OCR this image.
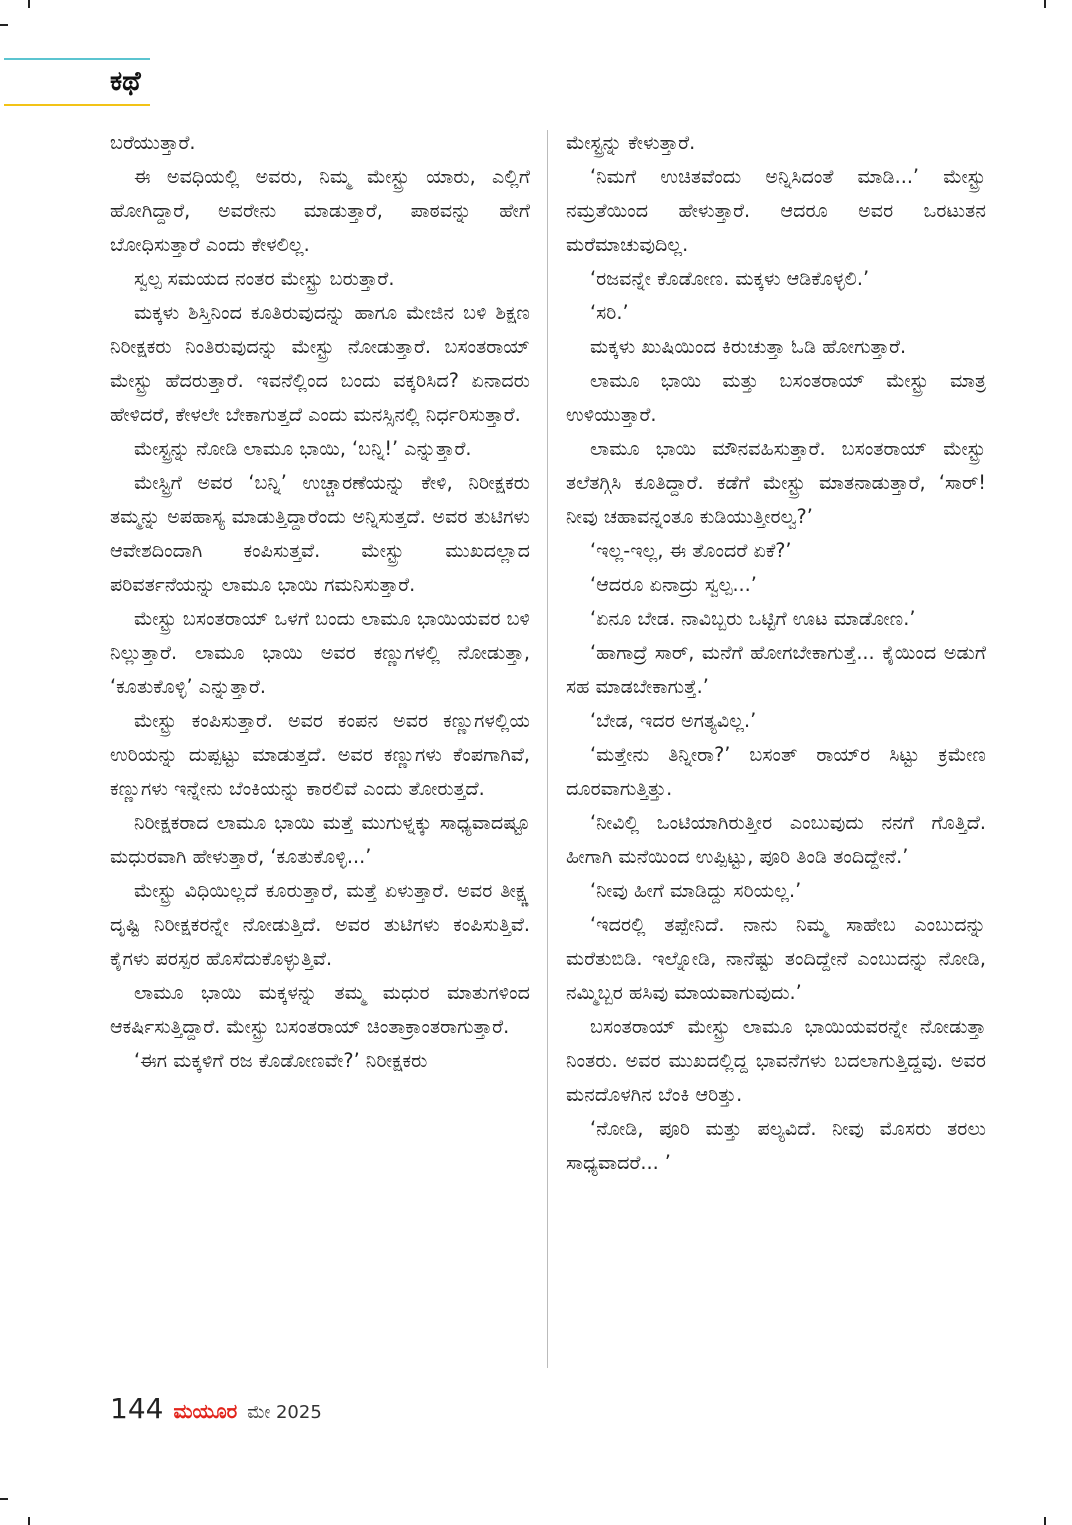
ಕಥೆ

ಬರೆಯುತ್ತಾರೆ.

ಈ ಅವಧಿಯಲ್ಲಿ ಅವರು, ನಿಮ್ಮ ಮೇಸ್ಟ್ರು ಯಾರು, ಎಲ್ಲಿಗೆ ಹೋಗಿದ್ದಾರೆ, ಅವರೇನು ಮಾಡುತ್ತಾರೆ, ಪಾಠವನ್ನು ಹೇಗೆ ಬೋಧಿಸುತ್ತಾರೆ ಎಂದು ಕೇಳಲಿಲ್ಲ.

ಸ್ವಲ್ಪ ಸಮಯದ ನಂತರ ಮೇಸ್ಟ್ರು ಬರುತ್ತಾರೆ.

ಮಕ್ಕಳು ಶಿಸ್ತಿನಿಂದ ಕೂತಿರುವುದನ್ನು ಹಾಗೂ ಮೇಜಿನ ಬಳಿ ಶಿಕ್ಷಣ ನಿರೀಕ್ಷಕರು ನಿಂತಿರುವುದನ್ನು ಮೇಸ್ಟ್ರು ನೋಡುತ್ತಾರೆ. ಬಸಂತರಾಯ್ ಮೇಸ್ಟ್ರು ಹೆದರುತ್ತಾರೆ. ಇವನೆಲ್ಲಿಂದ ಬಂದು ವಕ್ಕರಿಸಿದ? ಏನಾದರು ಹೇಳಿದರೆ, ಕೇಳಲೇ ಬೇಕಾಗುತ್ತದೆ ಎಂದು ಮನಸ್ಸಿನಲ್ಲಿ ನಿರ್ಧರಿಸುತ್ತಾರೆ.

ಮೇಸ್ಟ್ರನ್ನು ನೋಡಿ ಲಾಮೂ ಭಾಯಿ, ‘ಬನ್ನಿ!’ ಎನ್ನುತ್ತಾರೆ.

ಮೇಸ್ಟ್ರಿಗೆ ಅವರ ‘ಬನ್ನಿ’ ಉಚ್ಚಾರಣೆಯನ್ನು ಕೇಳಿ, ನಿರೀಕ್ಷಕರು ತಮ್ಮನ್ನು ಅಪಹಾಸ್ಯ ಮಾಡುತ್ತಿದ್ದಾರೆಂದು ಅನ್ನಿಸುತ್ತದೆ. ಅವರ ತುಟಿಗಳು ಆವೇಶದಿಂದಾಗಿ ಕಂಪಿಸುತ್ತವೆ. ಮೇಸ್ಟ್ರು ಮುಖದಲ್ಲಾದ ಪರಿವರ್ತನೆಯನ್ನು ಲಾಮೂ ಭಾಯಿ ಗಮನಿಸುತ್ತಾರೆ.

ಮೇಸ್ಟ್ರು ಬಸಂತರಾಯ್ ಒಳಗೆ ಬಂದು ಲಾಮೂ ಭಾಯಿಯವರ ಬಳಿ ನಿಲ್ಲುತ್ತಾರೆ. ಲಾಮೂ ಭಾಯಿ ಅವರ ಕಣ್ಣುಗಳಲ್ಲಿ ನೋಡುತ್ತಾ, ‘ಕೂತುಕೊಳ್ಳಿ’ ಎನ್ನುತ್ತಾರೆ.

ಮೇಸ್ಟ್ರು ಕಂಪಿಸುತ್ತಾರೆ. ಅವರ ಕಂಪನ ಅವರ ಕಣ್ಣುಗಳಲ್ಲಿಯ ಉರಿಯನ್ನು ದುಪ್ಪಟ್ಟು ಮಾಡುತ್ತದೆ. ಅವರ ಕಣ್ಣುಗಳು ಕೆಂಪಗಾಗಿವೆ, ಕಣ್ಣುಗಳು ಇನ್ನೇನು ಬೆಂಕಿಯನ್ನು ಕಾರಲಿವೆ ಎಂದು ತೋರುತ್ತದೆ.

ನಿರೀಕ್ಷಕರಾದ ಲಾಮೂ ಭಾಯಿ ಮತ್ತೆ ಮುಗುಳ್ನಕ್ಕು ಸಾಧ್ಯವಾದಷ್ಟೂ ಮಧುರವಾಗಿ ಹೇಳುತ್ತಾರೆ, ‘ಕೂತುಕೊಳ್ಳಿ...’

ಮೇಸ್ಟ್ರು ವಿಧಿಯಿಲ್ಲದೆ ಕೂರುತ್ತಾರೆ, ಮತ್ತೆ ಏಳುತ್ತಾರೆ. ಅವರ ತೀಕ್ಷ್ಣ ದೃಷ್ಟಿ ನಿರೀಕ್ಷಕರನ್ನೇ ನೋಡುತ್ತಿದೆ. ಅವರ ತುಟಿಗಳು ಕಂಪಿಸುತ್ತಿವೆ. ಕೈಗಳು ಪರಸ್ಪರ ಹೊಸೆದುಕೊಳ್ಳುತ್ತಿವೆ.

ಲಾಮೂ ಭಾಯಿ ಮಕ್ಕಳನ್ನು ತಮ್ಮ ಮಧುರ ಮಾತುಗಳಿಂದ ಆಕರ್ಷಿಸುತ್ತಿದ್ದಾರೆ. ಮೇಸ್ಟ್ರು ಬಸಂತರಾಯ್ ಚಿಂತಾಕ್ರಾಂತರಾಗುತ್ತಾರೆ.

‘ಈಗ ಮಕ್ಕಳಿಗೆ ರಜ ಕೊಡೋಣವೇ?’ ನಿರೀಕ್ಷಕರು

ಮೇಸ್ಟ್ರನ್ನು ಕೇಳುತ್ತಾರೆ.

‘ನಿಮಗೆ ಉಚಿತವೆಂದು ಅನ್ನಿಸಿದಂತೆ ಮಾಡಿ...’ ಮೇಸ್ಟ್ರು ನಮ್ರತೆಯಿಂದ ಹೇಳುತ್ತಾರೆ. ಆದರೂ ಅವರ ಒರಟುತನ ಮರೆಮಾಚುವುದಿಲ್ಲ.

‘ರಜವನ್ನೇ ಕೊಡೋಣ. ಮಕ್ಕಳು ಆಡಿಕೊಳ್ಳಲಿ.’

‘ಸರಿ.’

ಮಕ್ಕಳು ಖುಷಿಯಿಂದ ಕಿರುಚುತ್ತಾ ಓಡಿ ಹೋಗುತ್ತಾರೆ.

ಲಾಮೂ ಭಾಯಿ ಮತ್ತು ಬಸಂತರಾಯ್ ಮೇಸ್ಟ್ರು ಮಾತ್ರ ಉಳಿಯುತ್ತಾರೆ.

ಲಾಮೂ ಭಾಯಿ ಮೌನವಹಿಸುತ್ತಾರೆ. ಬಸಂತರಾಯ್ ಮೇಸ್ಟ್ರು ತಲೆತಗ್ಗಿಸಿ ಕೂತಿದ್ದಾರೆ. ಕಡೆಗೆ ಮೇಸ್ಟ್ರು ಮಾತನಾಡುತ್ತಾರೆ, ‘ಸಾರ್! ನೀವು ಚಹಾವನ್ನಂತೂ ಕುಡಿಯುತ್ತೀರಲ್ವ?’

‘ಇಲ್ಲ-ಇಲ್ಲ, ಈ ತೊಂದರೆ ಏಕೆ?’

‘ಆದರೂ ಏನಾದ್ರು ಸ್ವಲ್ಪ...’

‘ಏನೂ ಬೇಡ. ನಾವಿಬ್ಬರು ಒಟ್ಟಿಗೆ ಊಟ ಮಾಡೋಣ.’

‘ಹಾಗಾದ್ರೆ ಸಾರ್, ಮನೆಗೆ ಹೋಗಬೇಕಾಗುತ್ತೆ... ಕೈಯಿಂದ ಅಡುಗೆ ಸಹ ಮಾಡಬೇಕಾಗುತ್ತೆ.’

‘ಬೇಡ, ಇದರ ಅಗತ್ಯವಿಲ್ಲ.’

‘ಮತ್ತೇನು ತಿನ್ನೀರಾ?’ ಬಸಂತ್ ರಾಯ್‌ರ ಸಿಟ್ಟು ಕ್ರಮೇಣ ದೂರವಾಗುತ್ತಿತ್ತು.

‘ನೀವಿಲ್ಲಿ ಒಂಟಿಯಾಗಿರುತ್ತೀರ ಎಂಬುವುದು ನನಗೆ ಗೊತ್ತಿದೆ. ಹೀಗಾಗಿ ಮನೆಯಿಂದ ಉಪ್ಪಿಟ್ಟು, ಪೂರಿ ತಿಂಡಿ ತಂದಿದ್ದೇನೆ.’

‘ನೀವು ಹೀಗೆ ಮಾಡಿದ್ದು ಸರಿಯಲ್ಲ.’

‘ಇದರಲ್ಲಿ ತಪ್ಪೇನಿದೆ. ನಾನು ನಿಮ್ಮ ಸಾಹೇಬ ಎಂಬುದನ್ನು ಮರೆತುಬಿಡಿ. ಇಲ್ನೋಡಿ, ನಾನೆಷ್ಟು ತಂದಿದ್ದೇನೆ ಎಂಬುದನ್ನು ನೋಡಿ, ನಮ್ಮಿಬ್ಬರ ಹಸಿವು ಮಾಯವಾಗುವುದು.’

ಬಸಂತರಾಯ್ ಮೇಸ್ಟ್ರು ಲಾಮೂ ಭಾಯಿಯವರನ್ನೇ ನೋಡುತ್ತಾ ನಿಂತರು. ಅವರ ಮುಖದಲ್ಲಿದ್ದ ಭಾವನೆಗಳು ಬದಲಾಗುತ್ತಿದ್ದವು. ಅವರ ಮನದೊಳಗಿನ ಬೆಂಕಿ ಆರಿತ್ತು.

‘ನೋಡಿ, ಪೂರಿ ಮತ್ತು ಪಲ್ಯವಿದೆ. ನೀವು ಮೊಸರು ತರಲು ಸಾಧ್ಯವಾದರೆ... ’

144 ಮಯೂರ ಮೇ 2025
